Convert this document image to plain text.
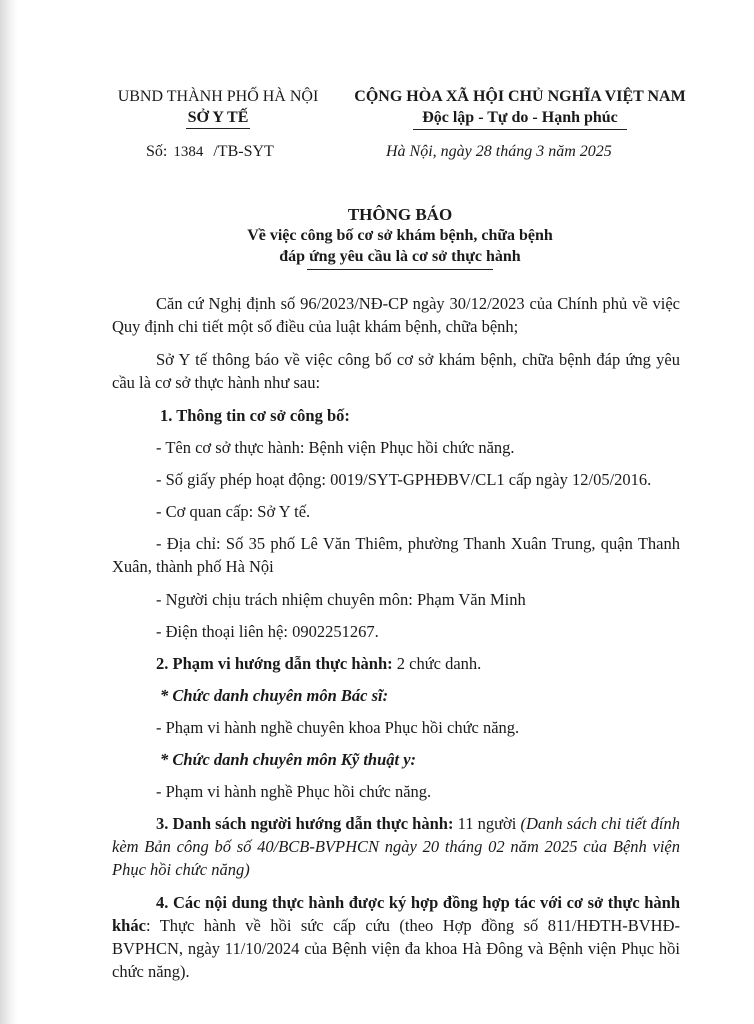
UBND THÀNH PHỐ HÀ NỘI
SỞ Y TẾ
CỘNG HÒA XÃ HỘI CHỦ NGHĨA VIỆT NAM
Độc lập - Tự do - Hạnh phúc
Số: 1384 /TB-SYT	Hà Nội, ngày 28 tháng 3 năm 2025
THÔNG BÁO
Về việc công bố cơ sở khám bệnh, chữa bệnh
đáp ứng yêu cầu là cơ sở thực hành

Căn cứ Nghị định số 96/2023/NĐ-CP ngày 30/12/2023 của Chính phủ về việc Quy định chi tiết một số điều của luật khám bệnh, chữa bệnh;

Sở Y tế thông báo về việc công bố cơ sở khám bệnh, chữa bệnh đáp ứng yêu cầu là cơ sở thực hành như sau:

1. Thông tin cơ sở công bố:
- Tên cơ sở thực hành: Bệnh viện Phục hồi chức năng.
- Số giấy phép hoạt động: 0019/SYT-GPHĐBV/CL1 cấp ngày 12/05/2016.
- Cơ quan cấp: Sở Y tế.

- Địa chỉ: Số 35 phố Lê Văn Thiêm, phường Thanh Xuân Trung, quận Thanh Xuân, thành phố Hà Nội

- Người chịu trách nhiệm chuyên môn: Phạm Văn Minh
- Điện thoại liên hệ: 0902251267.
2. Phạm vi hướng dẫn thực hành: 2 chức danh.
* Chức danh chuyên môn Bác sĩ:
- Phạm vi hành nghề chuyên khoa Phục hồi chức năng.
* Chức danh chuyên môn Kỹ thuật y:
- Phạm vi hành nghề Phục hồi chức năng.

3. Danh sách người hướng dẫn thực hành: 11 người (Danh sách chi tiết đính kèm Bản công bố số 40/BCB-BVPHCN ngày 20 tháng 02 năm 2025 của Bệnh viện Phục hồi chức năng)

4. Các nội dung thực hành được ký hợp đồng hợp tác với cơ sở thực hành khác: Thực hành về hồi sức cấp cứu (theo Hợp đồng số 811/HĐTH-BVHĐ-BVPHCN, ngày 11/10/2024 của Bệnh viện đa khoa Hà Đông và Bệnh viện Phục hồi chức năng).
